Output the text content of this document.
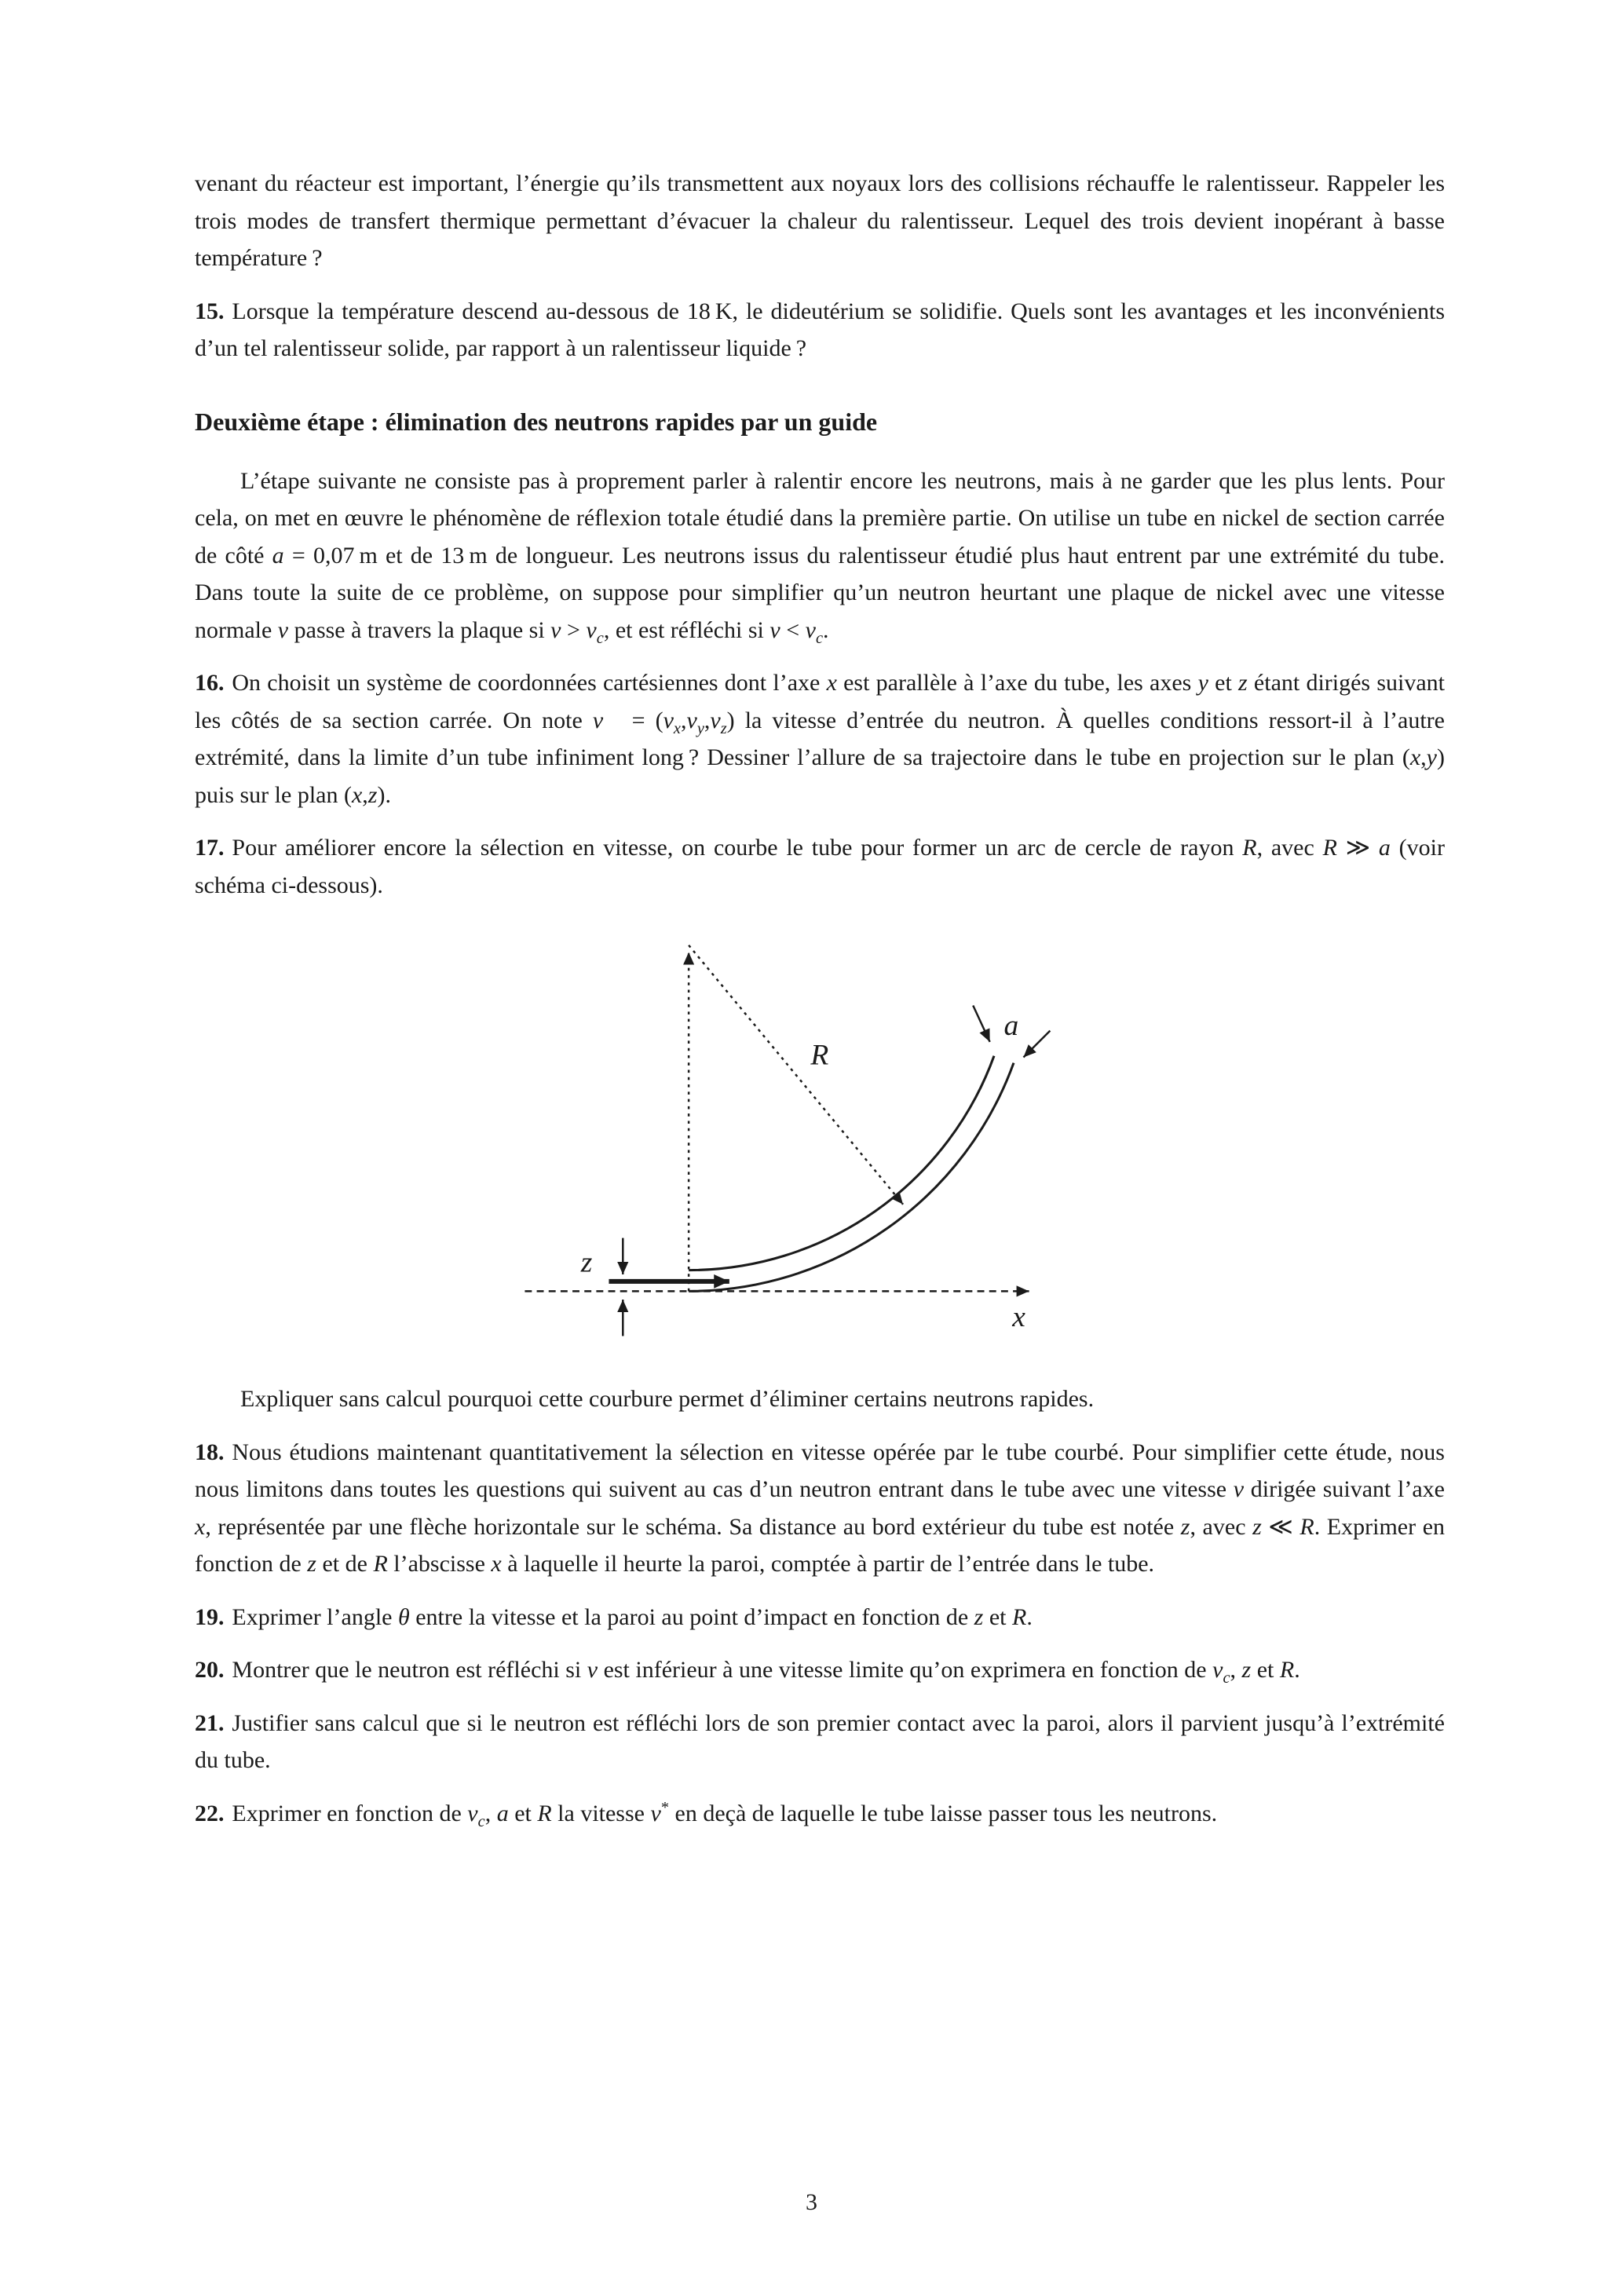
venant du réacteur est important, l’énergie qu’ils transmettent aux noyaux lors des collisions réchauffe le ralentisseur. Rappeler les trois modes de transfert thermique permettant d’évacuer la chaleur du ralentisseur. Lequel des trois devient inopérant à basse température ?

15. Lorsque la température descend au-dessous de 18 K, le dideutérium se solidifie. Quels sont les avantages et les inconvénients d’un tel ralentisseur solide, par rapport à un ralentisseur liquide ?

Deuxième étape : élimination des neutrons rapides par un guide

L’étape suivante ne consiste pas à proprement parler à ralentir encore les neutrons, mais à ne garder que les plus lents. Pour cela, on met en œuvre le phénomène de réflexion totale étudié dans la première partie. On utilise un tube en nickel de section carrée de côté a = 0,07 m et de 13 m de longueur. Les neutrons issus du ralentisseur étudié plus haut entrent par une extrémité du tube. Dans toute la suite de ce problème, on suppose pour simplifier qu’un neutron heurtant une plaque de nickel avec une vitesse normale v passe à travers la plaque si $v > v_c$, et est réfléchi si $v < v_c$.

16. On choisit un système de coordonnées cartésiennes dont l’axe x est parallèle à l’axe du tube, les axes y et z étant dirigés suivant les côtés de sa section carrée. On note v⃗ = $(v_x,v_y,v_z)$ la vitesse d’entrée du neutron. À quelles conditions ressort-il à l’autre extrémité, dans la limite d’un tube infiniment long ? Dessiner l’allure de sa trajectoire dans le tube en projection sur le plan (x,y) puis sur le plan (x,z).

17. Pour améliorer encore la sélection en vitesse, on courbe le tube pour former un arc de cercle de rayon R, avec R ≫ a (voir schéma ci-dessous).

R
a
x
z

Expliquer sans calcul pourquoi cette courbure permet d’éliminer certains neutrons rapides.

18. Nous étudions maintenant quantitativement la sélection en vitesse opérée par le tube courbé. Pour simplifier cette étude, nous nous limitons dans toutes les questions qui suivent au cas d’un neutron entrant dans le tube avec une vitesse v dirigée suivant l’axe x, représentée par une flèche horizontale sur le schéma. Sa distance au bord extérieur du tube est notée z, avec z ≪ R. Exprimer en fonction de z et de R l’abscisse x à laquelle il heurte la paroi, comptée à partir de l’entrée dans le tube.

19. Exprimer l’angle θ entre la vitesse et la paroi au point d’impact en fonction de z et R.

20. Montrer que le neutron est réfléchi si v est inférieur à une vitesse limite qu’on exprimera en fonction de $v_c$, z et R.

21. Justifier sans calcul que si le neutron est réfléchi lors de son premier contact avec la paroi, alors il parvient jusqu’à l’extrémité du tube.

22. Exprimer en fonction de $v_c$, a et R la vitesse v* en deçà de laquelle le tube laisse passer tous les neutrons.

3
